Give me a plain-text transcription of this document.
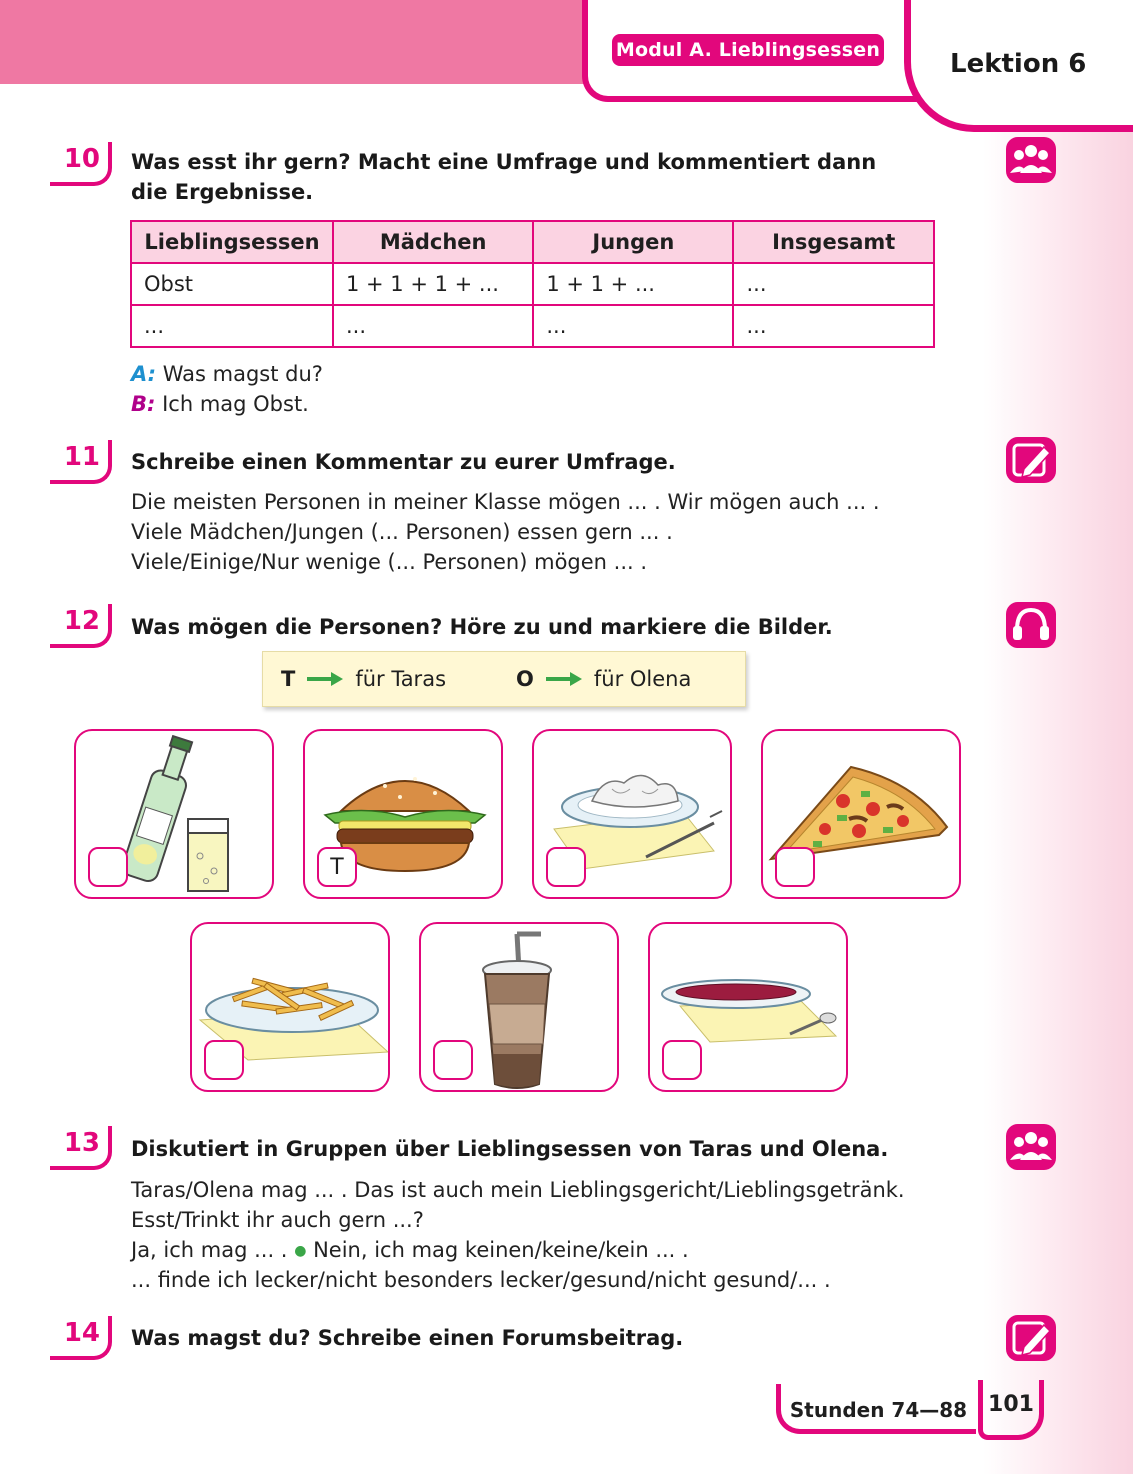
Modul A. Lieblingsessen	Lektion 6
10	Was esst ihr gern? Macht eine Umfrage und kommentiert dann
die Ergebnisse.
Lieblingsessen	Mädchen	Jungen	Insgesamt
Obst	1 + 1 + 1 + ...	1 + 1 + ...	...
...	...	...	...
A: Was magst du?
B: Ich mag Obst.
11	Schreibe einen Kommentar zu eurer Umfrage.
Die meisten Personen in meiner Klasse mögen ... . Wir mögen auch ... .
Viele Mädchen/Jungen (... Personen) essen gern ... .
Viele/Einige/Nur wenige (... Personen) mögen ... .
12	Was mögen die Personen? Höre zu und markiere die Bilder.
T	für Taras	O	für Olena
T
13	Diskutiert in Gruppen über Lieblingsessen von Taras und Olena.
Taras/Olena mag ... . Das ist auch mein Lieblingsgericht/Lieblingsgetränk.
Esst/Trinkt ihr auch gern ...?
Ja, ich mag ... . ● Nein, ich mag keinen/keine/kein ... .
... finde ich lecker/nicht besonders lecker/gesund/nicht gesund/... .
14	Was magst du? Schreibe einen Forumsbeitrag.
Stunden 74—88 101
